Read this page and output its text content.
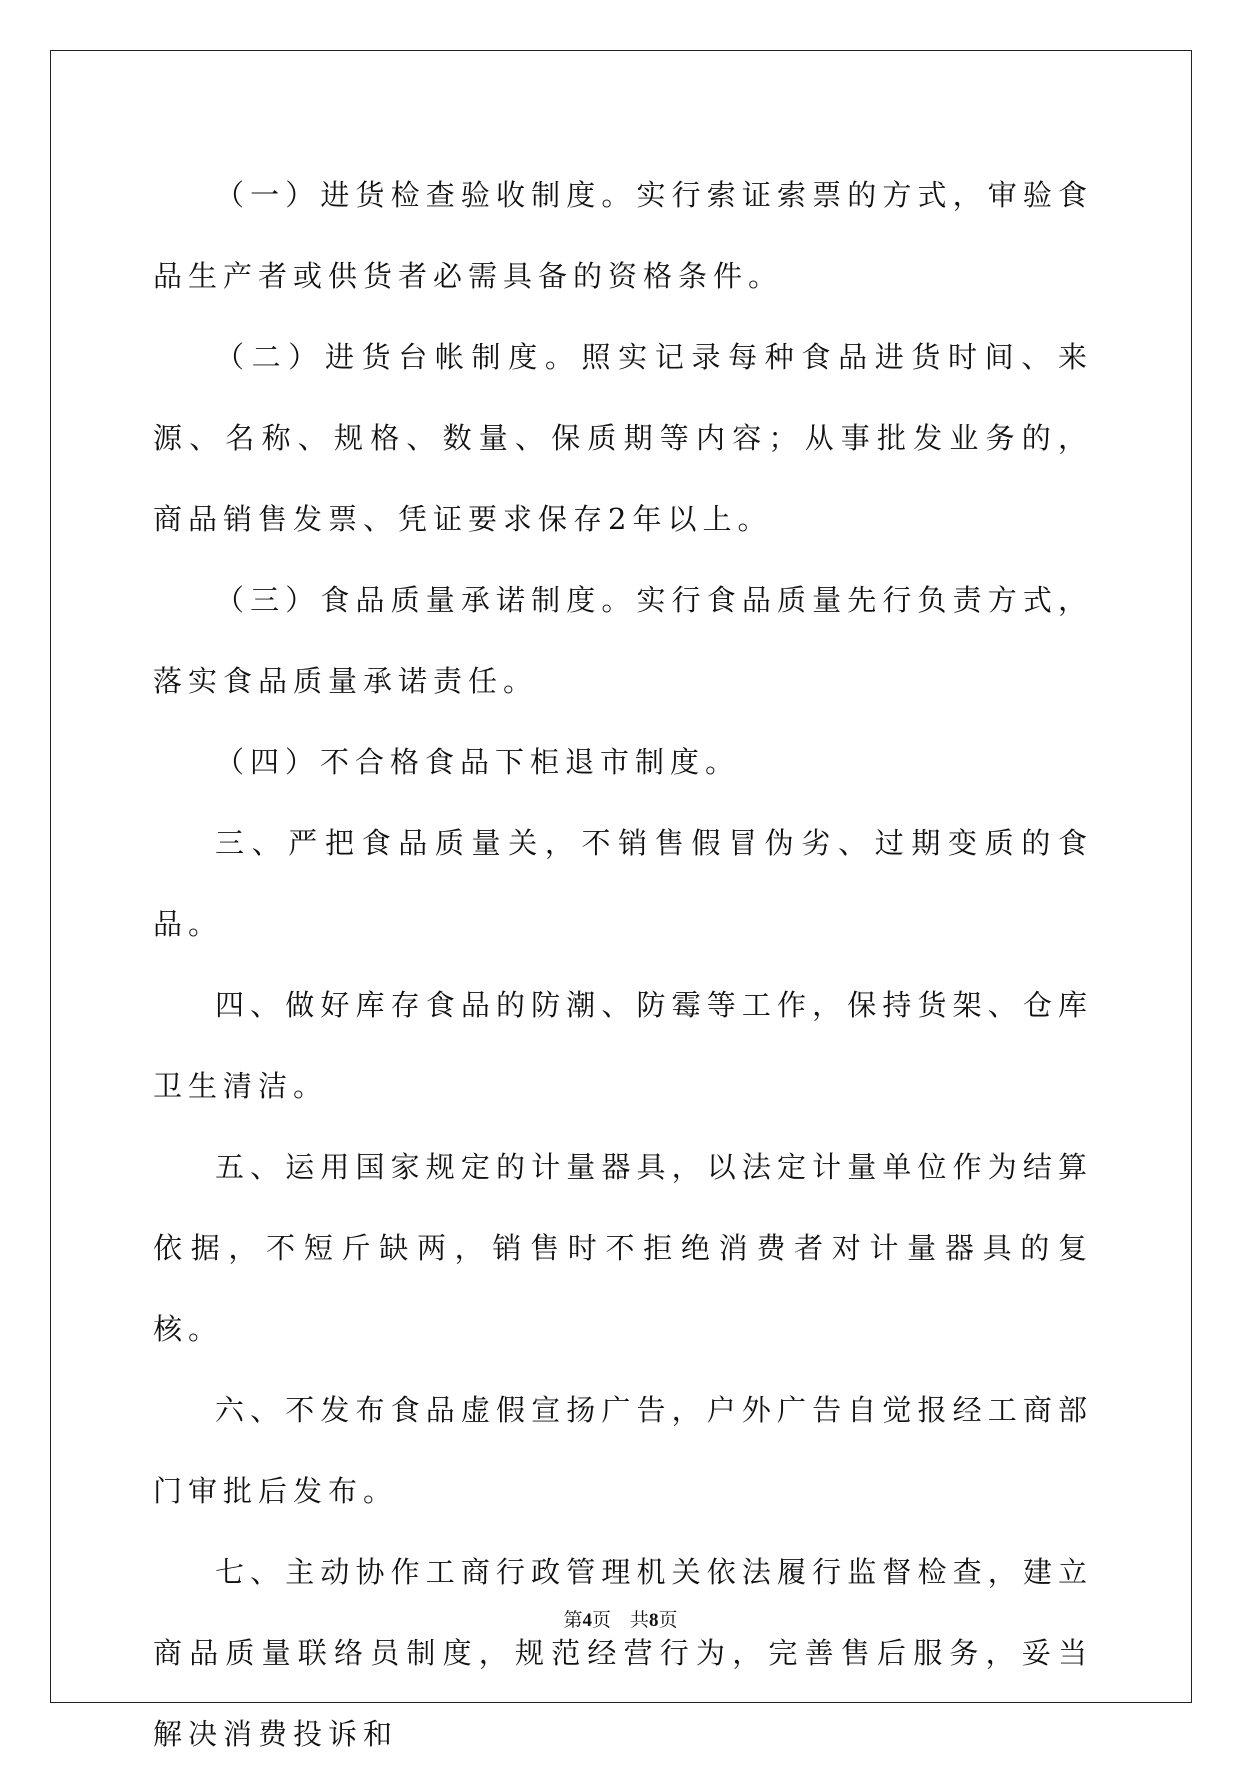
（一）进货检查验收制度。实行索证索票的方式，审验食品生产者或供货者必需具备的资格条件。

（二）进货台帐制度。照实记录每种食品进货时间、来源、名称、规格、数量、保质期等内容；从事批发业务的，商品销售发票、凭证要求保存2年以上。

（三）食品质量承诺制度。实行食品质量先行负责方式，落实食品质量承诺责任。

（四）不合格食品下柜退市制度。

三、严把食品质量关，不销售假冒伪劣、过期变质的食品。

四、做好库存食品的防潮、防霉等工作，保持货架、仓库卫生清洁。

五、运用国家规定的计量器具，以法定计量单位作为结算依据，不短斤缺两，销售时不拒绝消费者对计量器具的复核。

六、不发布食品虚假宣扬广告，户外广告自觉报经工商部门审批后发布。

七、主动协作工商行政管理机关依法履行监督检查，建立商品质量联络员制度，规范经营行为，完善售后服务，妥当解决消费投诉和

第4页 共8页
